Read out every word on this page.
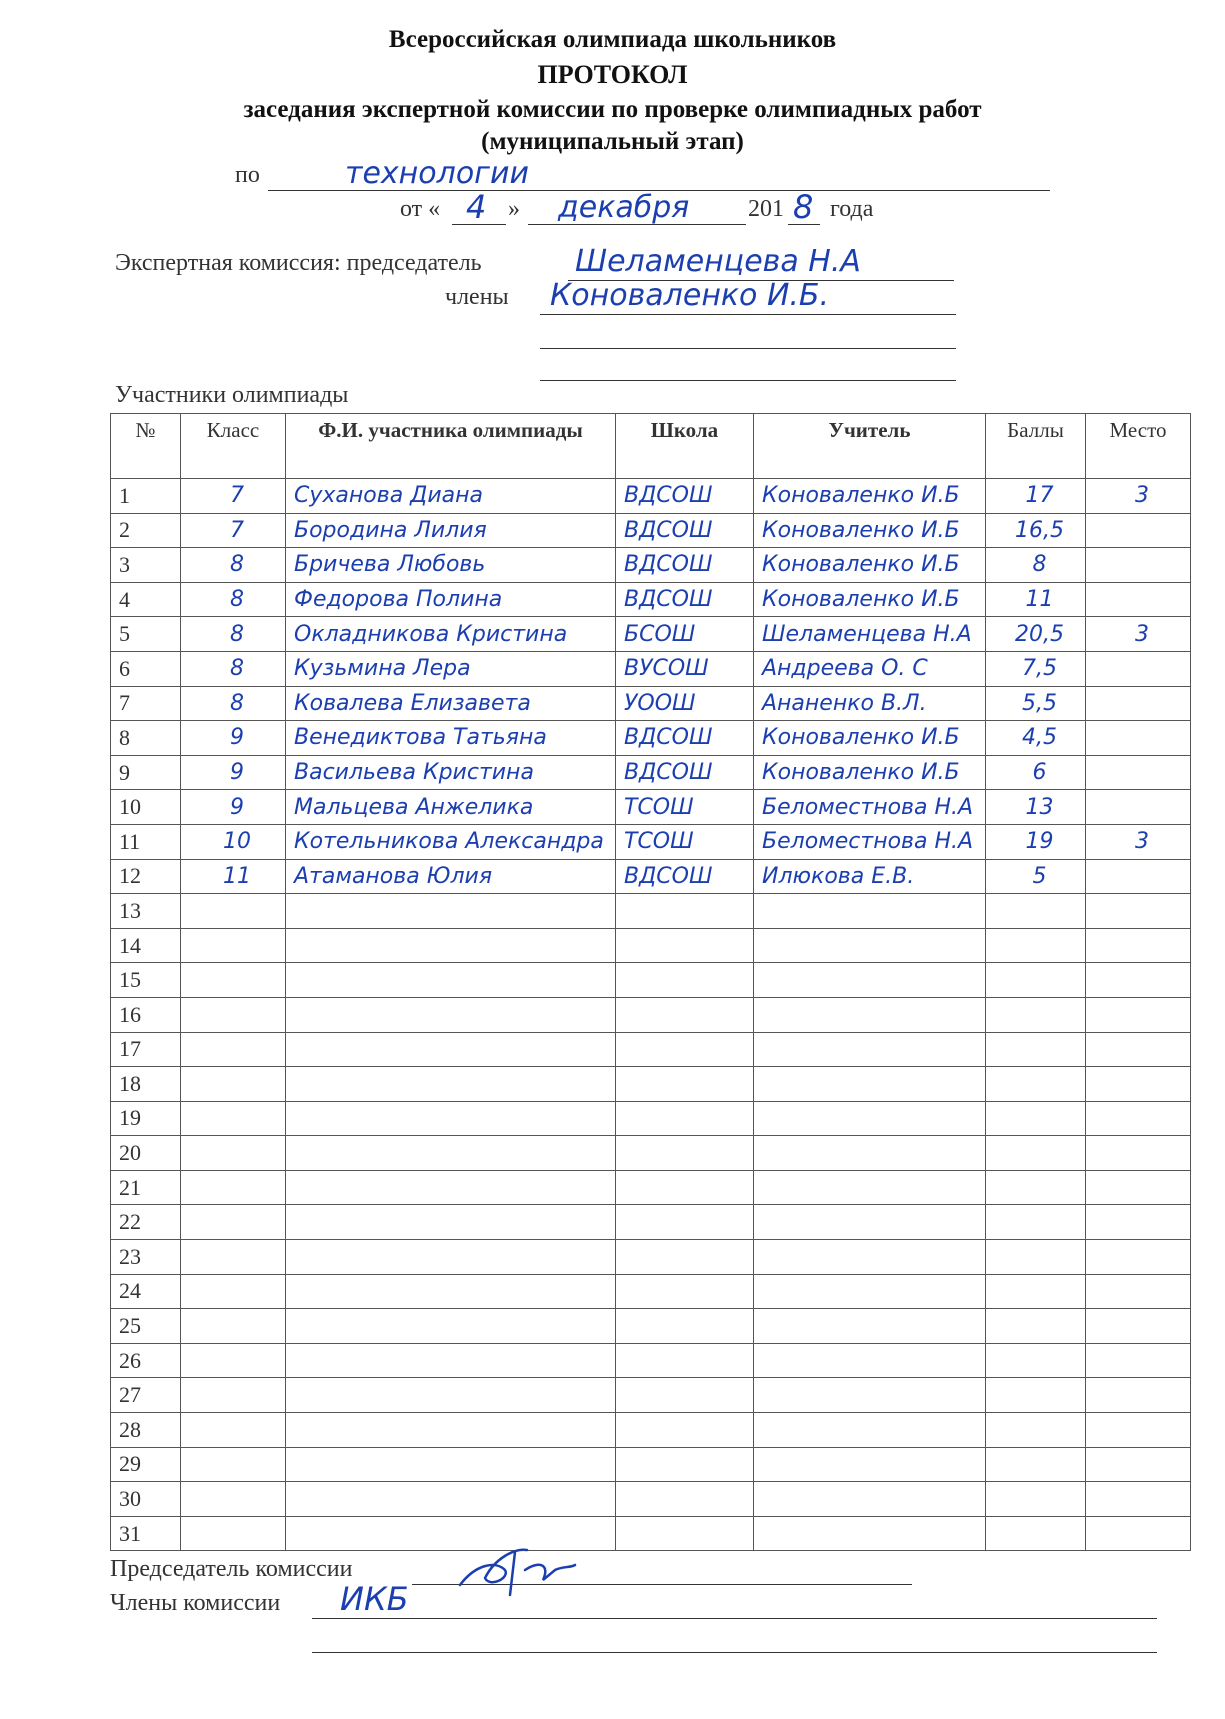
Всероссийская олимпиада школьников
ПРОТОКОЛ
заседания экспертной комиссии по проверке олимпиадных работ
(муниципальный этап)
по	технологии
от « 4 » декабря 201 8 года
Экспертная комиссия: председатель	Шеламенцева Н.А
члены Коноваленко И.Б.
Участники олимпиады
№	Класс	Ф.И. участника олимпиады	Школа	Учитель	Баллы	Место
1	7	Суханова Диана	ВДСОШ	Коноваленко И.Б	17	3
2	7	Бородина Лилия	ВДСОШ	Коноваленко И.Б	16,5	
3	8	Бричева Любовь	ВДСОШ	Коноваленко И.Б	8	
4	8	Федорова Полина	ВДСОШ	Коноваленко И.Б	11	
5	8	Окладникова Кристина	БСОШ	Шеламенцева Н.А	20,5	3
6	8	Кузьмина Лера	ВУСОШ	Андреева О. С	7,5	
7	8	Ковалева Елизавета	УООШ	Ананенко В.Л.	5,5	
8	9	Венедиктова Татьяна	ВДСОШ	Коноваленко И.Б	4,5	
9	9	Васильева Кристина	ВДСОШ	Коноваленко И.Б	6	
10	9	Мальцева Анжелика	ТСОШ	Беломестнова Н.А	13	
11	10	Котельникова Александра	ТСОШ	Беломестнова Н.А	19	3
12	11	Атаманова Юлия	ВДСОШ	Илюкова Е.В.	5	
13						
14						
15						
16						
17						
18						
19						
20						
21						
22						
23						
24						
25						
26						
27						
28						
29						
30						
31						
Председатель комиссии
Члены комиссии ИКБ
